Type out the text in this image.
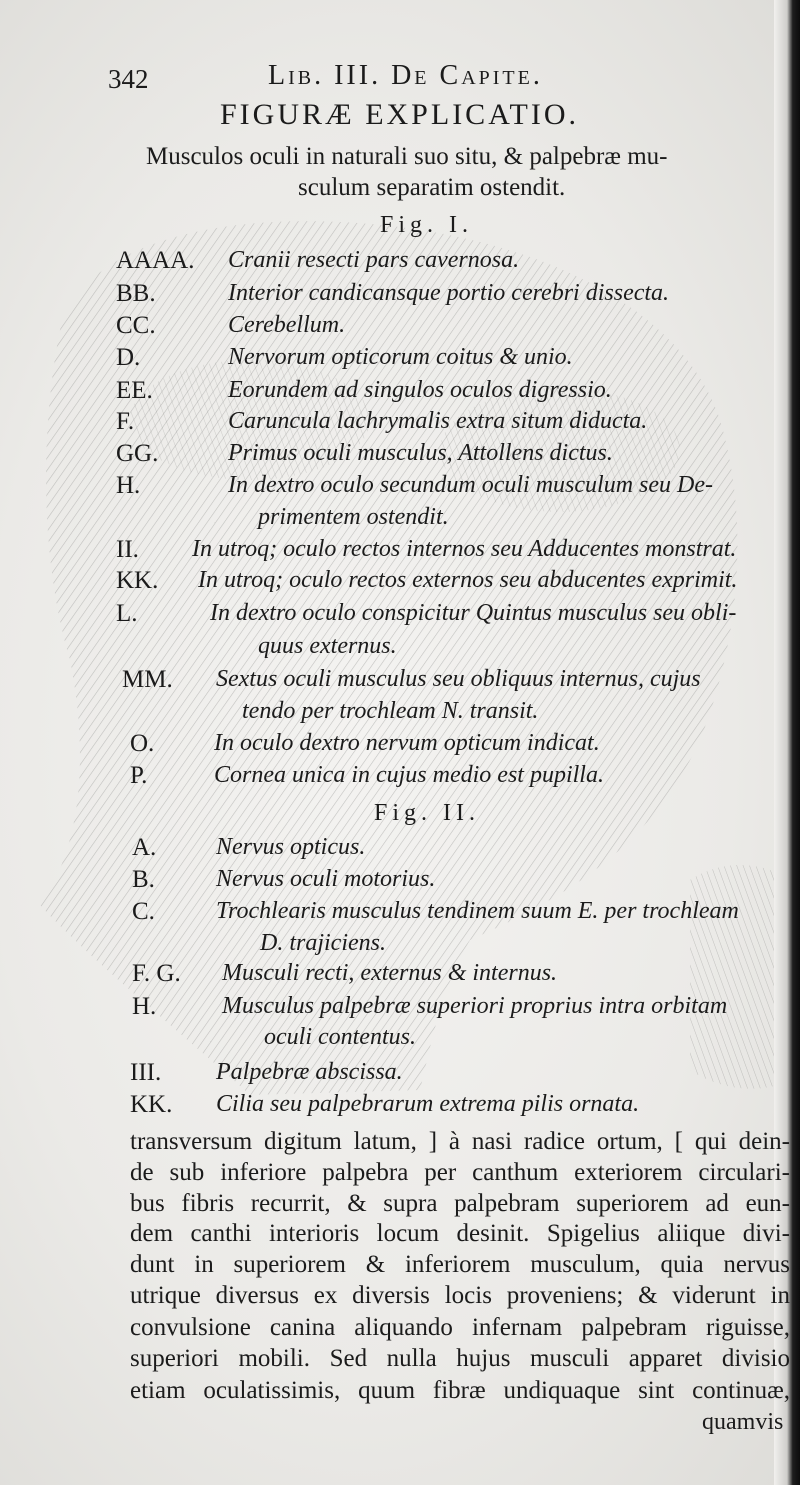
342	Lib. III. De Capite.
FIGURÆ EXPLICATIO.
Musculos oculi in naturali suo situ, & palpebræ mu-
sculum separatim ostendit.
Fig. I.
AAAA. Cranii resecti pars cavernosa.
BB.	Interior candicansque portio cerebri dissecta.
CC.	Cerebellum.
D.	Nervorum opticorum coitus & unio.
EE.	Eorundem ad singulos oculos digressio.
F.	Caruncula lachrymalis extra situm diducta.
GG.	Primus oculi musculus, Attollens dictus.
H.	In dextro oculo secundum oculi musculum seu De-
primentem ostendit.
II. In utroq; oculo rectos internos seu Adducentes monstrat.
KK. In utroq; oculo rectos externos seu abducentes exprimit.
L.	In dextro oculo conspicitur Quintus musculus seu obli-
quus externus.
MM. Sextus oculi musculus seu obliquus internus, cujus
tendo per trochleam N. transit.
O. In oculo dextro nervum opticum indicat.
P.	Cornea unica in cujus medio est pupilla.
Fig. II.
A. Nervus opticus.
B.	Nervus oculi motorius.
C.	Trochlearis musculus tendinem suum E. per trochleam
D. trajiciens.
F. G. Musculi recti, externus & internus.
H.	Musculus palpebræ superiori proprius intra orbitam
oculi contentus.
III. Palpebræ abscissa.
KK. Cilia seu palpebrarum extrema pilis ornata.
transversum digitum latum, ] à nasi radice ortum, [ qui dein-
de sub inferiore palpebra per canthum exteriorem circulari-
bus fibris recurrit, & supra palpebram superiorem ad eun-
dem canthi interioris locum desinit. Spigelius aliique divi-
dunt in superiorem & inferiorem musculum, quia nervus
utrique diversus ex diversis locis proveniens; & viderunt in
convulsione canina aliquando infernam palpebram riguisse,
superiori mobili. Sed nulla hujus musculi apparet divisio
etiam oculatissimis, quum fibræ undiquaque sint continuæ,
quamvis
